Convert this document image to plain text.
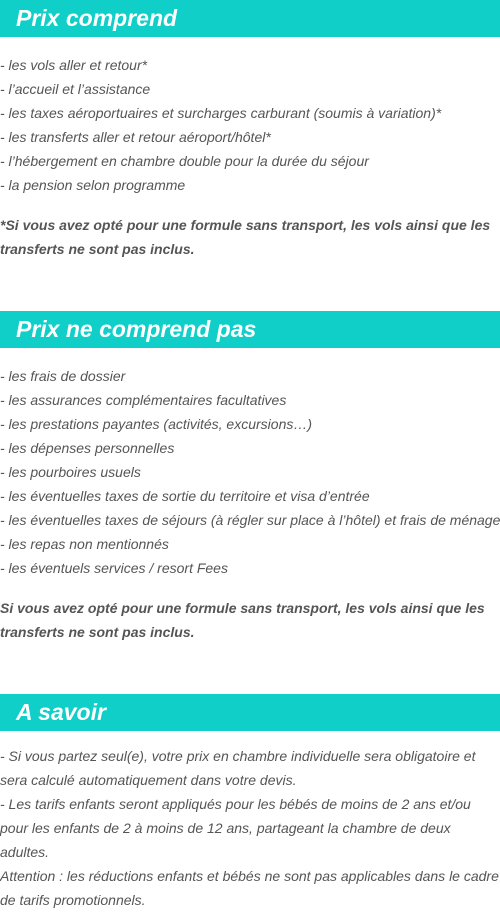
Prix comprend
- les vols aller et retour*
- l’accueil et l’assistance
- les taxes aéroportuaires et surcharges carburant (soumis à variation)*
- les transferts aller et retour aéroport/hôtel*
- l’hébergement en chambre double pour la durée du séjour
- la pension selon programme

*Si vous avez opté pour une formule sans transport, les vols ainsi que les transferts ne sont pas inclus.

Prix ne comprend pas
- les frais de dossier
- les assurances complémentaires facultatives
- les prestations payantes (activités, excursions…)
- les dépenses personnelles
- les pourboires usuels
- les éventuelles taxes de sortie du territoire et visa d’entrée
- les éventuelles taxes de séjours (à régler sur place à l’hôtel) et frais de ménage
- les repas non mentionnés
- les éventuels services / resort Fees

Si vous avez opté pour une formule sans transport, les vols ainsi que les transferts ne sont pas inclus.

A savoir

- Si vous partez seul(e), votre prix en chambre individuelle sera obligatoire et sera calculé automatiquement dans votre devis.

- Les tarifs enfants seront appliqués pour les bébés de moins de 2 ans et/ou pour les enfants de 2 à moins de 12 ans, partageant la chambre de deux adultes.

Attention : les réductions enfants et bébés ne sont pas applicables dans le cadre de tarifs promotionnels.
